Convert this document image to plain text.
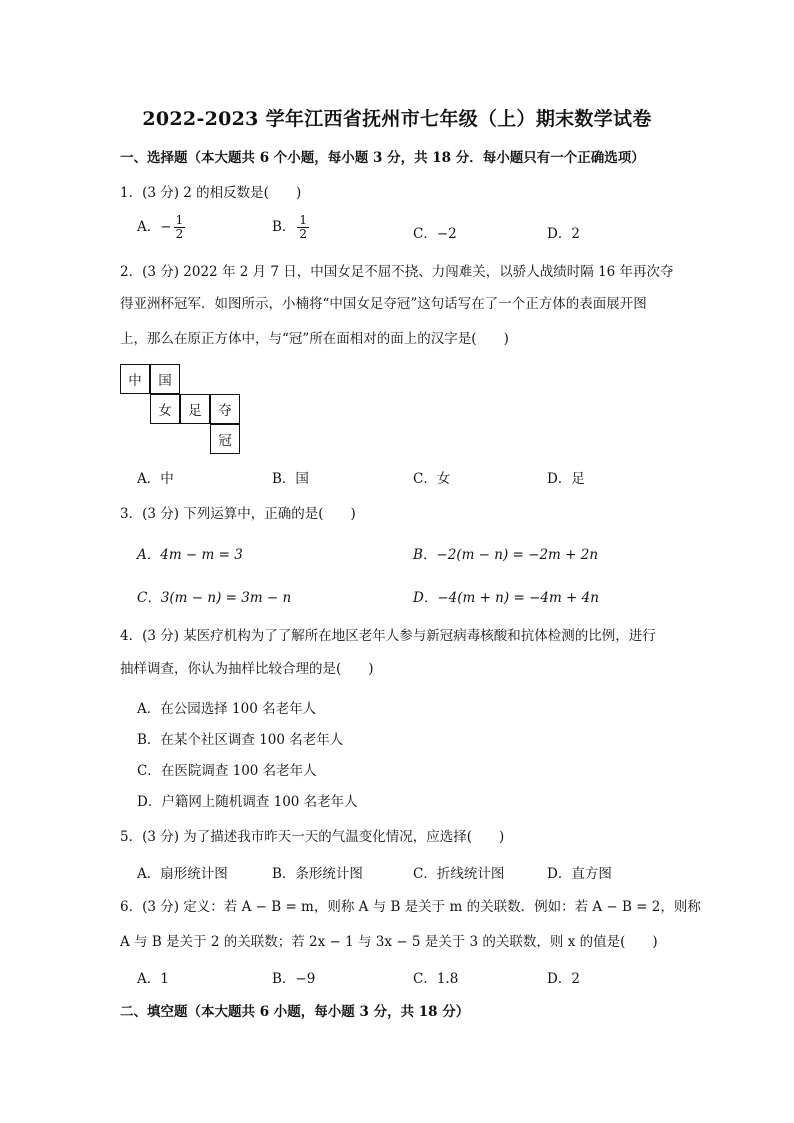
2022-2023 学年江西省抚州市七年级（上）期末数学试卷
一、选择题（本大题共 6 个小题，每小题 3 分，共 18 分．每小题只有一个正确选项）
1．(3 分) 2 的相反数是(　　)
A．− $\frac{1}{2}$	B． $\frac{1}{2}$	C．−2	D．2
2．(3 分) 2022 年 2 月 7 日，中国女足不屈不挠、力闯难关，以骄人战绩时隔 16 年再次夺
得亚洲杯冠军．如图所示，小楠将“中国女足夺冠”这句话写在了一个正方体的表面展开图
上，那么在原正方体中，与“冠”所在面相对的面上的汉字是(　　)
中	国
女	足	夺
冠
A．中	B．国	C．女	D．足
3．(3 分) 下列运算中，正确的是(　　)
A．4m − m = 3	B．−2(m − n) = −2m + 2n
C．3(m − n) = 3m − n	D．−4(m + n) = −4m + 4n
4．(3 分) 某医疗机构为了了解所在地区老年人参与新冠病毒核酸和抗体检测的比例，进行
抽样调查，你认为抽样比较合理的是(　　)
A．在公园选择 100 名老年人
B．在某个社区调查 100 名老年人
C．在医院调查 100 名老年人
D．户籍网上随机调查 100 名老年人
5．(3 分) 为了描述我市昨天一天的气温变化情况，应选择(　　)
A．扇形统计图	B．条形统计图	C．折线统计图	D．直方图
6．(3 分) 定义：若 A − B = m，则称 A 与 B 是关于 m 的关联数．例如：若 A − B = 2，则称
A 与 B 是关于 2 的关联数；若 2x − 1 与 3x − 5 是关于 3 的关联数，则 x 的值是(　　)
A．1	B．−9	C．1.8	D．2
二、填空题（本大题共 6 小题，每小题 3 分，共 18 分）
